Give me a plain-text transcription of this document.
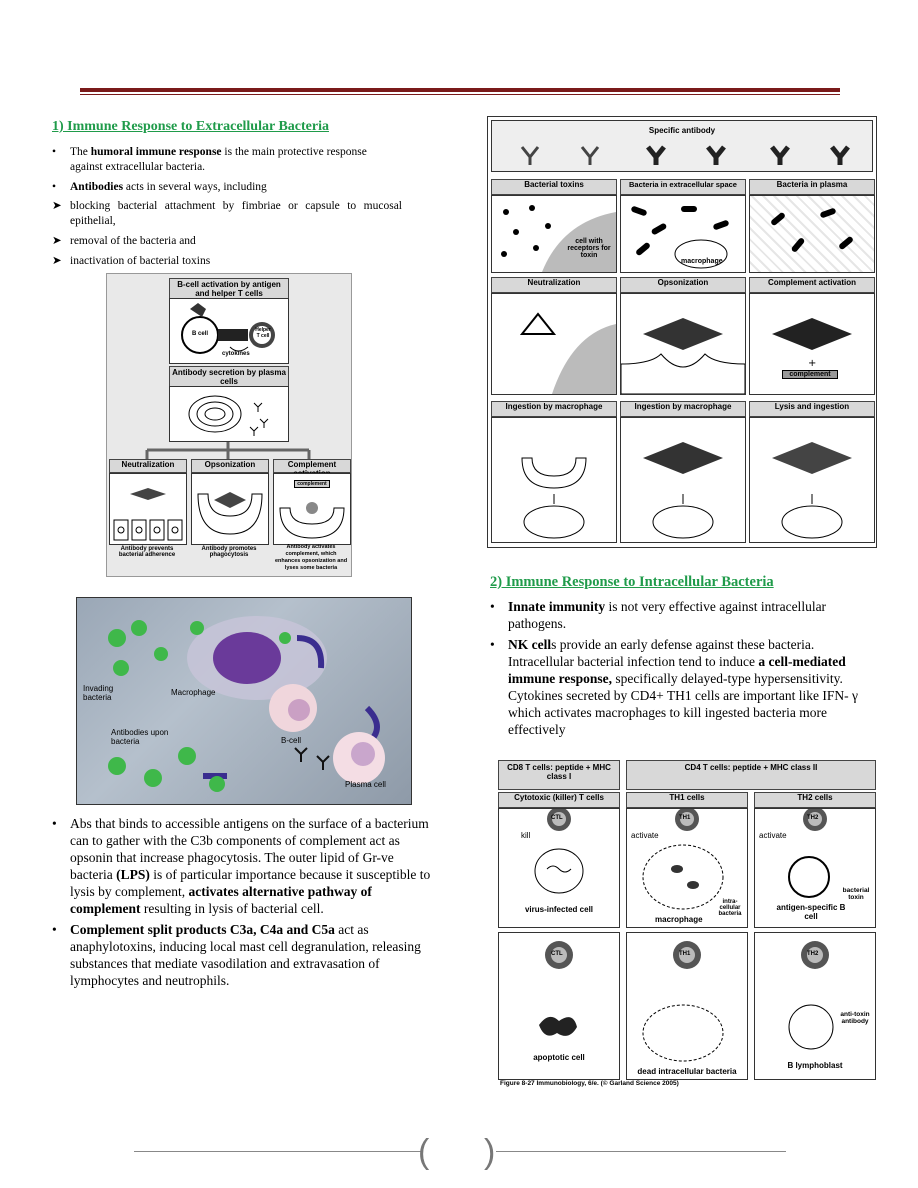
1) Immune Response to Extracellular Bacteria
•	The humoral immune response is the main protective response against extracellular bacteria.
•	Antibodies acts in several ways, including
➤ blocking bacterial attachment by fimbriae or capsule to mucosal epithelial,
➤ removal of the bacteria and
➤ inactivation of bacterial toxins
B-cell activation by antigen and helper T cells
B cell
Helper T cell
cytokines
Antibody secretion by plasma cells
Neutralization	Opsonization	Complement
complement
Antibody prevents bacterial adherence
Antibody promotes phagocytosis
Antibody activates complement, which enhances opsonization and lyses some bacteria
Invading bacteria
Macrophage
B-cell
Antibodies upon bacteria
Plasma cell
• Abs that binds to accessible antigens on the surface of a bacterium can to gather with the C3b components of complement act as opsonin that increase phagocytosis. The outer lipid of Gr-ve bacteria (LPS) is of particular importance because it susceptible to lysis by complement, activates alternative pathway of complement resulting in lysis of bacterial cell.
• Complement split products C3a, C4a and C5a act as anaphylotoxins, inducing local mast cell degranulation, releasing substances that mediate vasodilation and extravasation of lymphocytes and neutrophils.
Specific antibody
Bacterial toxins	Bacteria in extracellular space	Bacteria in plasma
cell with receptors for toxin
macrophage
Neutralization	Opsonization	Complement activation
+
complement
Ingestion by macrophage	Ingestion by macrophage	Lysis and ingestion
2) Immune Response to Intracellular Bacteria
• Innate immunity is not very effective against intracellular pathogens.
• NK cells provide an early defense against these bacteria. Intracellular bacterial infection tend to induce a cell-mediated immune response, specifically delayed-type hypersensitivity. Cytokines secreted by CD4+ TH1 cells are important like IFN- γ which activates macrophages to kill ingested bacteria more effectively
CD8 T cells: peptide + MHC class I
CD4 T cells: peptide + MHC class II
Cytotoxic (killer) T cells	TH1 cells	TH2 cells
CTL
kill
virus-infected cell
TH1
activate
intra-cellular bacteria
macrophage
TH2
activate
bacterial toxin
antigen-specific B cell
CTL
apoptotic cell
TH1
dead intracellular bacteria
TH2
anti-toxin antibody
B lymphoblast
Figure 8-27 Immunobiology, 6/e. (© Garland Science 2005)
( )
